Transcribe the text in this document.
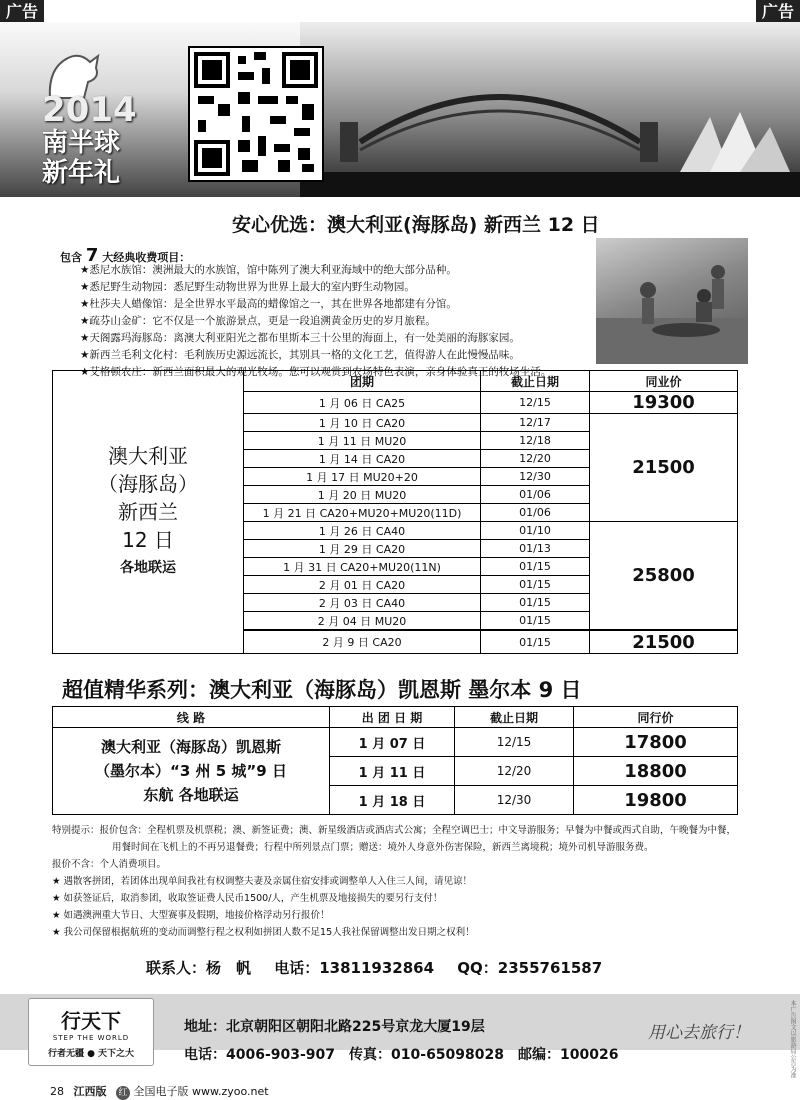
广告	广告
2014
南半球
新年礼
安心优选：澳大利亚(海豚岛) 新西兰 12 日
包含 7 大经典收费项目：
★悉尼水族馆：澳洲最大的水族馆，馆中陈列了澳大利亚海域中的绝大部分品种。
★悉尼野生动物园：悉尼野生动物世界为世界上最大的室内野生动物园。
★杜莎夫人蜡像馆：是全世界水平最高的蜡像馆之一，其在世界各地都建有分馆。
★疏芬山金矿：它不仅是一个旅游景点，更是一段追溯黄金历史的岁月旅程。
★天阁露玛海豚岛：离澳大利亚阳光之都布里斯本三十公里的海面上，有一处美丽的海豚家园。
★新西兰毛利文化村：毛利族历史源远流长，其别具一格的文化工艺，值得游人在此慢慢品味。
★艾格顿农庄：新西兰面积最大的观光牧场。您可以观赏到农场特色表演，亲身体验真正的牧场生活。
澳大利亚
（海豚岛）
新西兰
12 日
各地联运	团期	截止日期	同业价
	1 月 06 日 CA25	12/15	19300
	1 月 10 日 CA20	12/17	21500
	1 月 11 日 MU20	12/18	
	1 月 14 日 CA20	12/20	
	1 月 17 日 MU20+20	12/30	
	1 月 20 日 MU20	01/06	
	1 月 21 日 CA20+MU20+MU20(11D)	01/06	
	1 月 26 日 CA40	01/10	25800
	1 月 29 日 CA20	01/13	
	1 月 31 日 CA20+MU20(11N)	01/15	
	2 月 01 日 CA20	01/15	
	2 月 03 日 CA40	01/15	
	2 月 04 日 MU20	01/15	
	2 月 9 日 CA20	01/15	21500
超值精华系列：澳大利亚（海豚岛）凯恩斯 墨尔本 9 日
线 路	出 团 日 期	截止日期	同行价

澳大利亚（海豚岛）凯恩斯
（墨尔本）“3 州 5 城”9 日
东航 各地联运	1 月 07 日	12/15	17800
	1 月 11 日	12/20	18800
	1 月 18 日	12/30	19800
特别提示：报价包含：全程机票及机票税；澳、新签证费；澳、新星级酒店或酒店式公寓；全程空调巴士；中文导游服务；早餐为中餐或西式自助，午晚餐为中餐，
用餐时间在飞机上的不再另退餐费；行程中所列景点门票；赠送：境外人身意外伤害保险，新西兰离境税；境外司机导游服务费。
报价不含：个人消费项目。
★ 遇散客拼团，若团体出现单间我社有权调整夫妻及亲属住宿安排或调整单人入住三人间，请见谅！
★ 如获签证后，取消参团，收取签证费人民币1500/人，产生机票及地接损失的要另行支付！
★ 如遇澳洲重大节日、大型赛事及假期，地接价格浮动另行报价！
★ 我公司保留根据航班的变动而调整行程之权利如拼团人数不足15人我社保留调整出发日期之权利！
联系人：杨　帆 电话：13811932864 QQ：2355761587
行天下
STEP THE WORLD
行者无疆 ● 天下之大
地址：北京朝阳区朝阳北路225号京龙大厦19层
电话：4006-903-907　传真：010-65098028　邮编：100026
用心去旅行！	本广告图文以旅游局公告为准
28 江西版 红 全国电子版 www.zyoo.net
